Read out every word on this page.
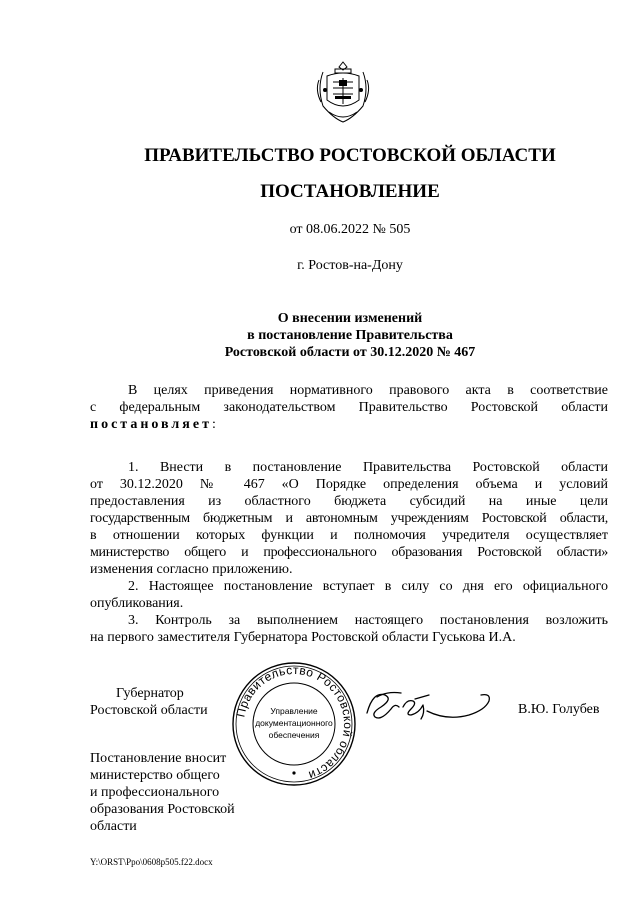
ПРАВИТЕЛЬСТВО РОСТОВСКОЙ ОБЛАСТИ
ПОСТАНОВЛЕНИЕ
от 08.06.2022 № 505
г. Ростов-на-Дону
О внесении изменений
в постановление Правительства
Ростовской области от 30.12.2020 № 467
В целях приведения нормативного правового акта в соответствие
с федеральным законодательством Правительство Ростовской области
постановляет:
1. Внести в постановление Правительства Ростовской области
от 30.12.2020 № 467 «О Порядке определения объема и условий
предоставления из областного бюджета субсидий на иные цели
государственным бюджетным и автономным учреждениям Ростовской области,
в отношении которых функции и полномочия учредителя осуществляет
министерство общего и профессионального образования Ростовской области»
изменения согласно приложению.
2. Настоящее постановление вступает в силу со дня его официального
опубликования.
3. Контроль за выполнением настоящего постановления возложить
на первого заместителя Губернатора Ростовской области Гуськова И.А.
Губернатор
Ростовской области Правительство Ростовской области
Управление
документационного
обеспечения
В.Ю. Голубев
Постановление вносит
министерство общего
и профессионального
образования Ростовской
области
Y:\ORST\Ppo\0608p505.f22.docx
